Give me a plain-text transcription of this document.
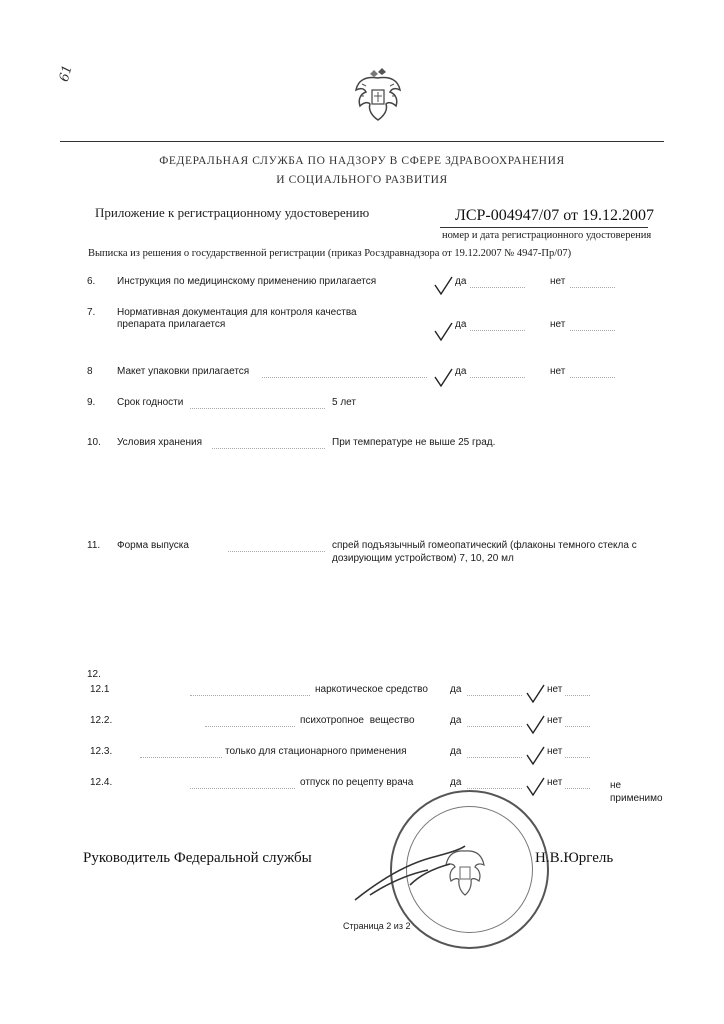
61
ФЕДЕРАЛЬНАЯ СЛУЖБА ПО НАДЗОРУ В СФЕРЕ ЗДРАВООХРАНЕНИЯ
И СОЦИАЛЬНОГО РАЗВИТИЯ
Приложение к регистрационному удостоверению	ЛСР-004947/07 от 19.12.2007
номер и дата регистрационного удостоверения
Выписка из решения о государственной регистрации (приказ Росздравнадзора от 19.12.2007 № 4947-Пр/07)
6. Инструкция по медицинскому применению прилагается	да	нет
7. Нормативная документация для контроля качества
препарата прилагается	да	нет
8 Макет упаковки прилагается	да	нет
9. Срок годности	5 лет
10. Условия хранения	При температуре не выше 25 град.
11. Форма выпуска	спрей подъязычный гомеопатический (флаконы темного стекла с
дозирующим устройством) 7, 10, 20 мл
12.
12.1	наркотическое средство да	нет
12.2.	психотропное вещество	да	нет
12.3.	только для стационарного применения	да	нет
12.4.	отпуск по рецепту врача	да	нет	не
применимо
Руководитель Федеральной службы	Н.В.Юргель
Страница 2 из 2
